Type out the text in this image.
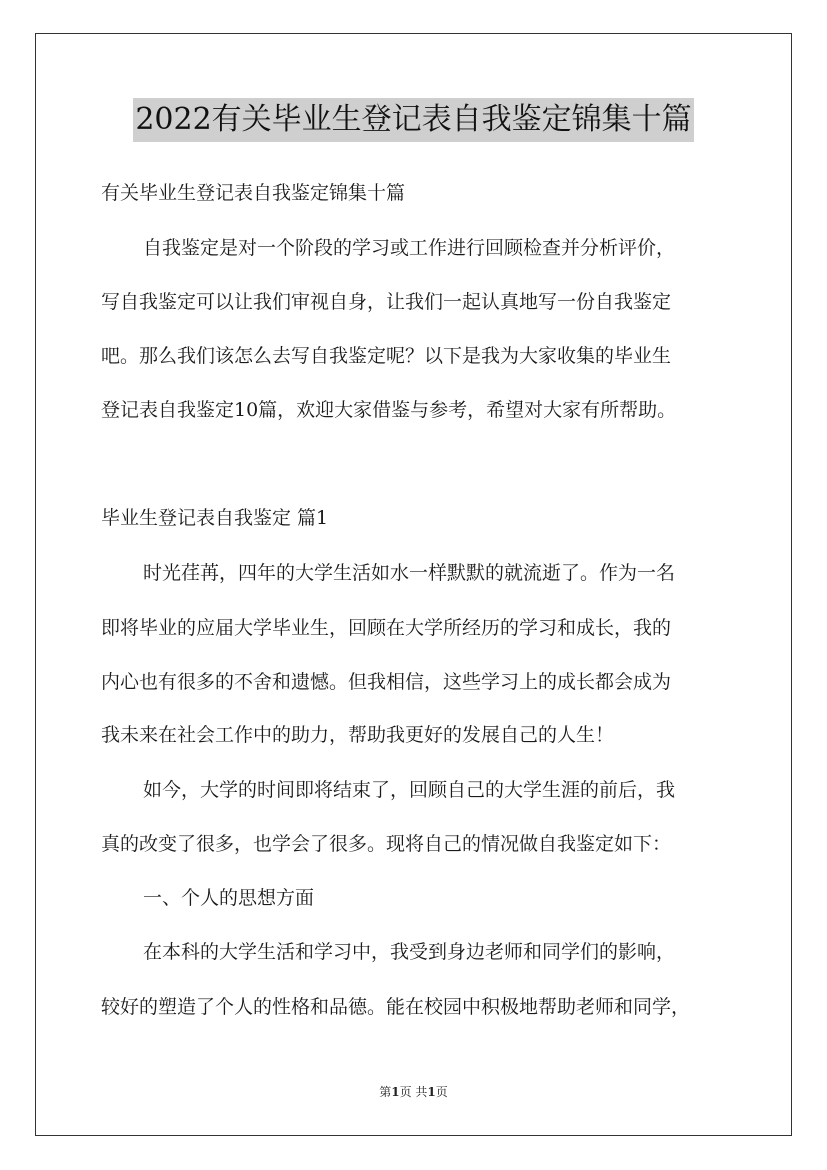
2022有关毕业生登记表自我鉴定锦集十篇
有关毕业生登记表自我鉴定锦集十篇
自我鉴定是对一个阶段的学习或工作进行回顾检查并分析评价，
写自我鉴定可以让我们审视自身，让我们一起认真地写一份自我鉴定
吧。那么我们该怎么去写自我鉴定呢？以下是我为大家收集的毕业生
登记表自我鉴定10篇，欢迎大家借鉴与参考，希望对大家有所帮助。
毕业生登记表自我鉴定 篇1
时光荏苒，四年的大学生活如水一样默默的就流逝了。作为一名
即将毕业的应届大学毕业生，回顾在大学所经历的学习和成长，我的
内心也有很多的不舍和遗憾。但我相信，这些学习上的成长都会成为
我未来在社会工作中的助力，帮助我更好的发展自己的人生！
如今，大学的时间即将结束了，回顾自己的大学生涯的前后，我
真的改变了很多，也学会了很多。现将自己的情况做自我鉴定如下：
一、个人的思想方面
在本科的大学生活和学习中，我受到身边老师和同学们的影响，
较好的塑造了个人的性格和品德。能在校园中积极地帮助老师和同学，
第1页 共1页
